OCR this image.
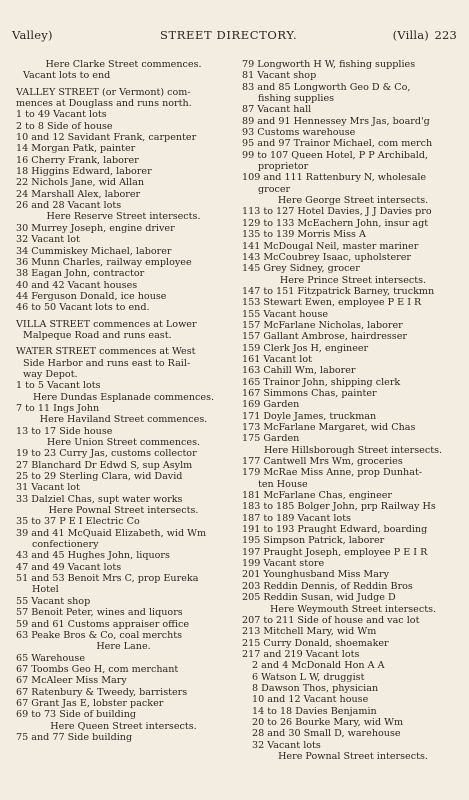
Valley)	STREET DIRECTORY.	(Villa) 223
Here Clarke Street commences.
Vacant lots to end
VALLEY STREET (or Vermont) com-
mences at Douglass and runs north.
1 to 49 Vacant lots
2 to 8 Side of house
10 and 12 Savidant Frank, carpenter
14 Morgan Patk, painter
16 Cherry Frank, laborer
18 Higgins Edward, laborer
22 Nichols Jane, wid Allan
24 Marshall Alex, laborer
26 and 28 Vacant lots
Here Reserve Street intersects.
30 Murrey Joseph, engine driver
32 Vacant lot
34 Cummiskey Michael, laborer
36 Munn Charles, railway employee
38 Eagan John, contractor
40 and 42 Vacant houses
44 Ferguson Donald, ice house
46 to 50 Vacant lots to end.
VILLA STREET commences at Lower
Malpeque Road and runs east.
WATER STREET commences at West
Side Harbor and runs east to Rail-
way Depot.
1 to 5 Vacant lots
Here Dundas Esplanade commences.
7 to 11 Ings John
Here Haviland Street commences.
13 to 17 Side house
Here Union Street commences.
19 to 23 Curry Jas, customs collector
27 Blanchard Dr Edwd S, sup Asylm
25 to 29 Sterling Clara, wid David
31 Vacant lot
33 Dalziel Chas, supt water works
Here Pownal Street intersects.
35 to 37 P E I Electric Co
39 and 41 McQuaid Elizabeth, wid Wm
confectionery
43 and 45 Hughes John, liquors
47 and 49 Vacant lots
51 and 53 Benoit Mrs C, prop Eureka
Hotel
55 Vacant shop
57 Benoit Peter, wines and liquors
59 and 61 Customs appraiser office
63 Peake Bros & Co, coal merchts
Here Lane.
65 Warehouse
67 Toombs Geo H, com merchant
67 McAleer Miss Mary
67 Ratenbury & Tweedy, barristers
67 Grant Jas E, lobster packer
69 to 73 Side of building
Here Queen Street intersects.
75 and 77 Side building
79 Longworth H W, fishing supplies
81 Vacant shop
83 and 85 Longworth Geo D & Co,
fishing supplies
87 Vacant hall
89 and 91 Hennessey Mrs Jas, board'g
93 Customs warehouse
95 and 97 Trainor Michael, com merch
99 to 107 Queen Hotel, P P Archibald,
proprietor
109 and 111 Rattenbury N, wholesale
grocer
Here George Street intersects.
113 to 127 Hotel Davies, J J Davies pro
129 to 133 McEachern John, insur agt
135 to 139 Morris Miss A
141 McDougal Neil, master mariner
143 McCoubrey Isaac, upholsterer
145 Grey Sidney, grocer
Here Prince Street intersects.
147 to 151 Fitzpatrick Barney, truckmn
153 Stewart Ewen, employee P E I R
155 Vacant house
157 McFarlane Nicholas, laborer
157 Gallant Ambrose, hairdresser
159 Clerk Jos H, engineer
161 Vacant lot
163 Cahill Wm, laborer
165 Trainor John, shipping clerk
167 Simmons Chas, painter
169 Garden
171 Doyle James, truckman
173 McFarlane Margaret, wid Chas
175 Garden
Here Hillsborough Street intersects.
177 Cantwell Mrs Wm, groceries
179 McRae Miss Anne, prop Dunhat-
ten House
181 McFarlane Chas, engineer
183 to 185 Bolger John, prp Railway Hs
187 to 189 Vacant lots
191 to 193 Praught Edward, boarding
195 Simpson Patrick, laborer
197 Praught Joseph, employee P E I R
199 Vacant store
201 Younghusband Miss Mary
203 Reddin Dennis, of Reddin Bros
205 Reddin Susan, wid Judge D
Here Weymouth Street intersects.
207 to 211 Side of house and vac lot
213 Mitchell Mary, wid Wm
215 Curry Donald, shoemaker
217 and 219 Vacant lots
2 and 4 McDonald Hon A A
6 Watson L W, druggist
8 Dawson Thos, physician
10 and 12 Vacant house
14 to 18 Davies Benjamin
20 to 26 Bourke Mary, wid Wm
28 and 30 Small D, warehouse
32 Vacant lots
Here Pownal Street intersects.
